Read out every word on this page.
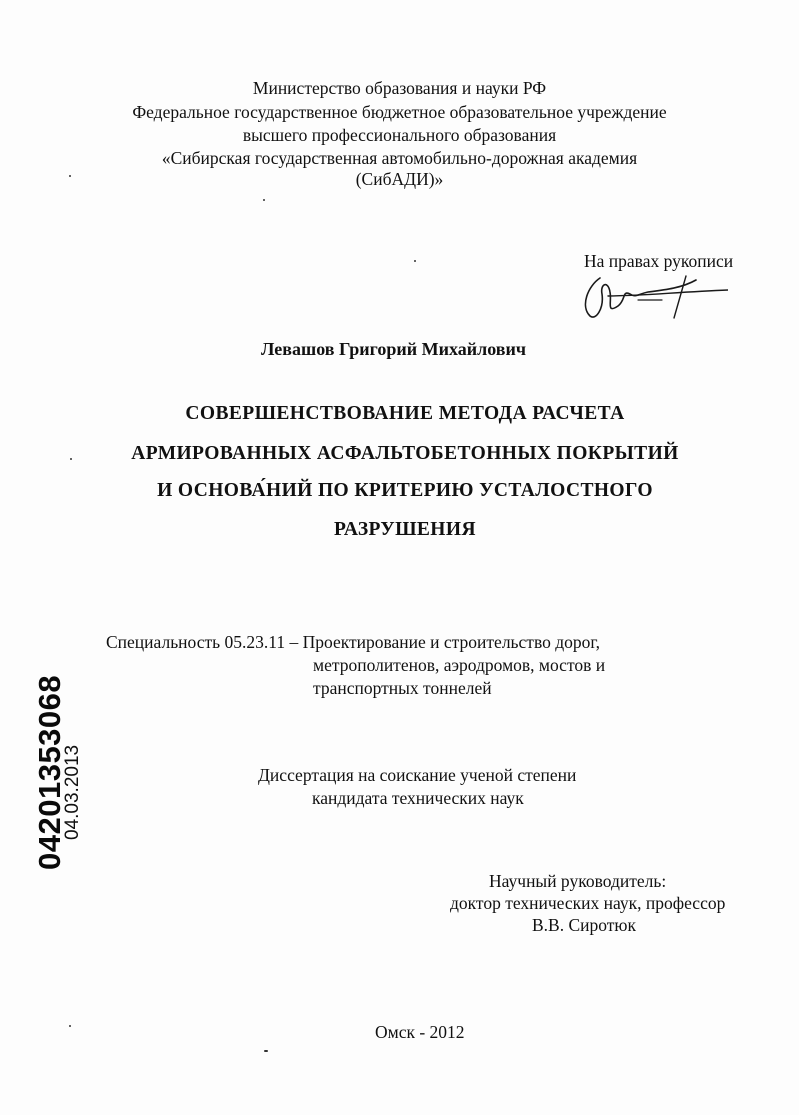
Министерство образования и науки РФ
Федеральное государственное бюджетное образовательное учреждение
высшего профессионального образования
«Сибирская государственная автомобильно-дорожная академия
(СибАДИ)»
На правах рукописи
Левашов Григорий Михайлович
СОВЕРШЕНСТВОВАНИЕ МЕТОДА РАСЧЕТА
АРМИРОВАННЫХ АСФАЛЬТОБЕТОННЫХ ПОКРЫТИЙ
И ОСНОВА́НИЙ ПО КРИТЕРИЮ УСТАЛОСТНОГО
РАЗРУШЕНИЯ
Специальность 05.23.11 – Проектирование и строительство дорог,
метрополитенов, аэродромов, мостов и
транспортных тоннелей
Диссертация на соискание ученой степени
кандидата технических наук
Научный руководитель:
доктор технических наук, профессор
В.В. Сиротюк
Омск - 2012
04201353068
04.03.2013
